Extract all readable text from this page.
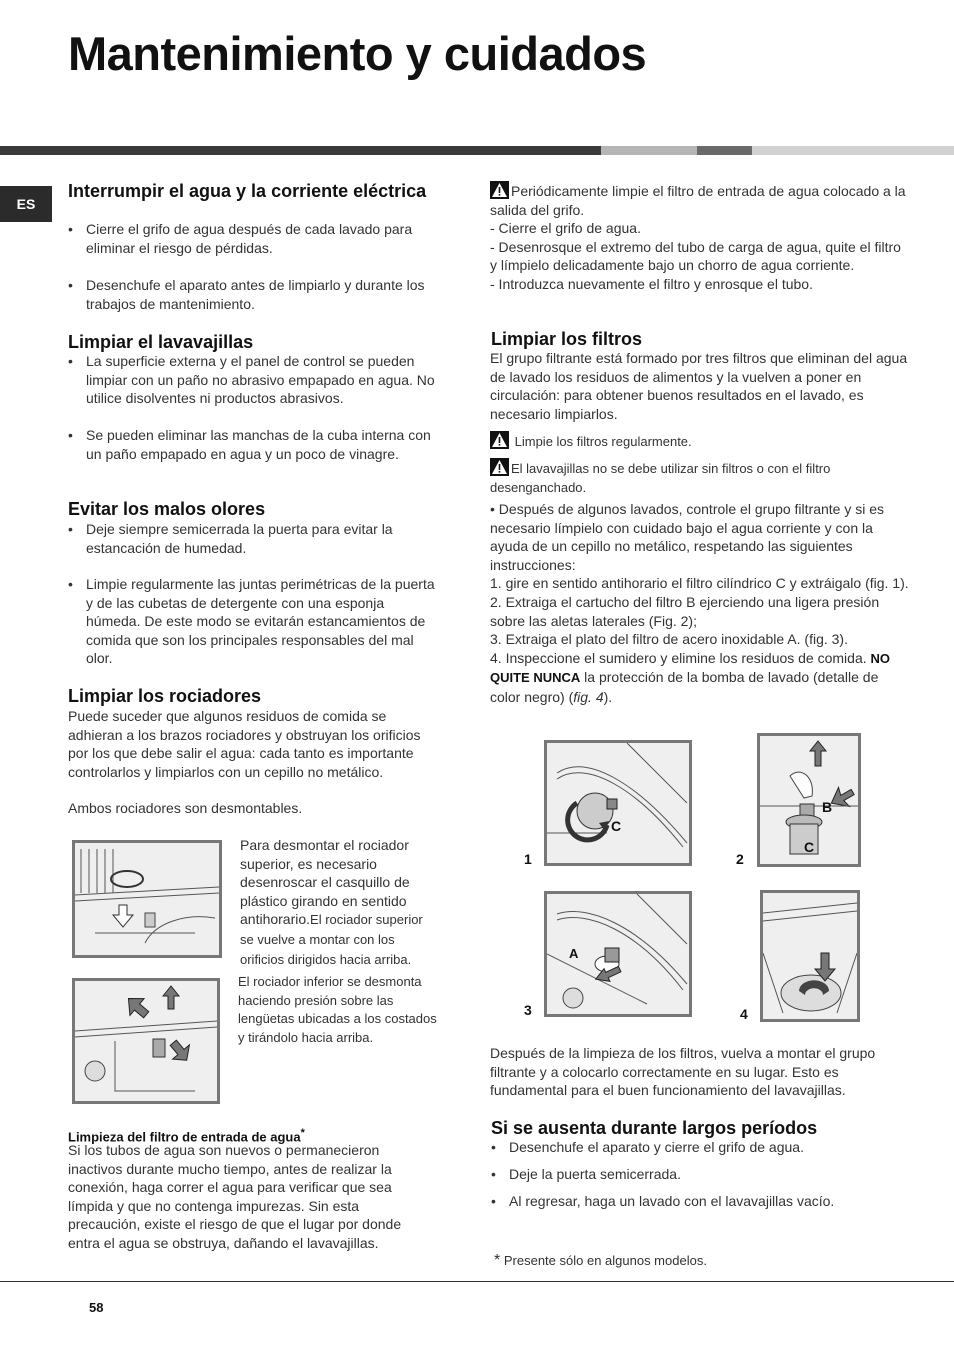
Mantenimiento y cuidados
ES
Interrumpir el agua y la corriente eléctrica
• Cierre el grifo de agua después de cada lavado para eliminar el riesgo de pérdidas.
• Desenchufe el aparato antes de limpiarlo y durante los trabajos de mantenimiento.
Limpiar el lavavajillas
• La superficie externa y el panel de control se pueden limpiar con un paño no abrasivo empapado en agua. No utilice disolventes ni productos abrasivos.
• Se pueden eliminar las manchas de la cuba interna con un paño empapado en agua y un poco de vinagre.
Evitar los malos olores
• Deje siempre semicerrada la puerta para evitar la estancación de humedad.
• Limpie regularmente las juntas perimétricas de la puerta y de las cubetas de detergente con una esponja húmeda. De este modo se evitarán estancamientos de comida que son los principales responsables del mal olor.
Limpiar los rociadores

Puede suceder que algunos residuos de comida se adhieran a los brazos rociadores y obstruyan los orificios por los que debe salir el agua: cada tanto es importante controlarlos y limpiarlos con un cepillo no metálico.

Ambos rociadores son desmontables.

Para desmontar el rociador superior, es necesario desenroscar el casquillo de plástico girando en sentido antihorario.El rociador superior se vuelve a montar con los orificios dirigidos hacia arriba.

El rociador inferior se desmonta haciendo presión sobre las lengüetas ubicadas a los costados y tirándolo hacia arriba.

Limpieza del filtro de entrada de agua*

Si los tubos de agua son nuevos o permanecieron inactivos durante mucho tiempo, antes de realizar la conexión, haga correr el agua para verificar que sea límpida y que no contenga impurezas. Sin esta precaución, existe el riesgo de que el lugar por donde entra el agua se obstruya, dañando el lavavajillas.

Periódicamente limpie el filtro de entrada de agua colocado a la salida del grifo.
- Cierre el grifo de agua.
- Desenrosque el extremo del tubo de carga de agua, quite el filtro y límpielo delicadamente bajo un chorro de agua corriente.
- Introduzca nuevamente el filtro y enrosque el tubo.

Limpiar los filtros

El grupo filtrante está formado por tres filtros que eliminan del agua de lavado los residuos de alimentos y la vuelven a poner en circulación: para obtener buenos resultados en el lavado, es necesario limpiarlos.

Limpie los filtros regularmente.

El lavavajillas no se debe utilizar sin filtros o con el filtro desenganchado.

• Después de algunos lavados, controle el grupo filtrante y si es necesario límpielo con cuidado bajo el agua corriente y con la ayuda de un cepillo no metálico, respetando las siguientes instrucciones:
1. gire en sentido antihorario el filtro cilíndrico C y extráigalo (fig. 1).
2. Extraiga el cartucho del filtro B ejerciendo una ligera presión sobre las aletas laterales (Fig. 2);
3. Extraiga el plato del filtro de acero inoxidable A. (fig. 3).
4. Inspeccione el sumidero y elimine los residuos de comida. NO QUITE NUNCA la protección de la bomba de lavado (detalle de color negro) (fig. 4).

C
1
B
C
2
A
3	4

Después de la limpieza de los filtros, vuelva a montar el grupo filtrante y a colocarlo correctamente en su lugar. Esto es fundamental para el buen funcionamiento del lavavajillas.

Si se ausenta durante largos períodos
• Desenchufe el aparato y cierre el grifo de agua.
• Deje la puerta semicerrada.
• Al regresar, haga un lavado con el lavavajillas vacío.

* Presente sólo en algunos modelos.

58
